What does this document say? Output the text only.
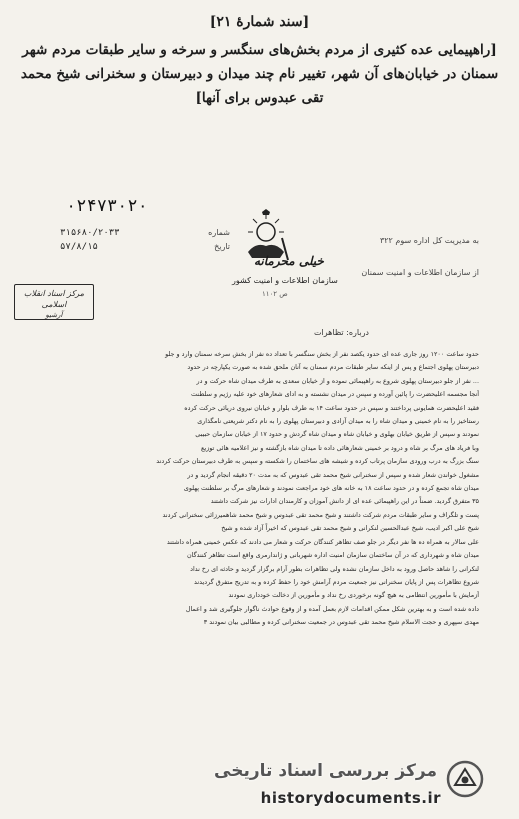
[سند شمارهٔ ۲۱]
[راهپیمایی عده کثیری از مردم بخش‌های سنگسر و سرخه و سایر طبقات مردم شهر
سمنان در خیابان‌های آن شهر، تغییر نام چند میدان و دبیرستان و سخنرانی شیخ محمد
تقی عبدوس برای آنها]
۰۲۴۷۳۰۲۰
شماره
۳۱۵۶۸۰/۲۰۳۳
تاریخ
۵۷/۸/۱۵
خیلی محرمانه
سازمان اطلاعات و امنیت کشور
ص ۱۱۰۲
به مدیریت کل اداره سوم ۳۲۲
از سازمان اطلاعات و امنیت سمنان
مرکز اسناد انقلاب اسلامی
آرشیو
درباره: تظاهرات
حدود ساعت ۱۲۰۰ روز جاری عده ای حدود یکصد نفر از بخش سنگسر با تعداد ده نفر از بخش سرخه سمنان وارد و جلو
دبیرستان پهلوی اجتماع و پس از اینکه سایر طبقات مردم سمنان به آنان ملحق شده به صورت یکپارچه در حدود
... نفر از جلو دبیرستان پهلوی شروع به راهپیمائی نموده و از خیابان سعدی به طرف میدان شاه حرکت و در
آنجا مجسمه اعلیحضرت را پائین آورده و سپس در میدان نشسته و به ادای شعارهای خود علیه رژیم و سلطنت
فقید اعلیحضرت همایونی پرداختند و سپس در حدود ساعت ۱۴ به طرف بلوار و خیابان نیروی دریائی حرکت کرده
رستاخیز را به نام خمینی و میدان شاه را به میدان آزادی و دبیرستان پهلوی را به نام دکتر شریعتی نامگذاری
نمودند و سپس از طریق خیابان بهلوی و خیابان شاه و میدان شاه گردش و حدود ۱۷ از خیابان سازمان حبیبی
وبا فریاد های مرگ بر شاه و درود بر خمینی شعارهائی داده تا میدان شاه بازگشته و نیز اعلامیه هائی توزیع
سنگ بزرگ به درب ورودی سازمان پرتاب کرده و شیشه های ساختمان را شکسته و سپس به طرف دبیرستان حرکت کردند
مشغول خواندن شعار شده و سپس از سخنرانی شیخ محمد تقی عبدوس که به مدت ۲۰ دقیقه انجام گردید و در
میدان شاه تجمع کرده و در حدود ساعت ۱۸ به خانه های خود مراجعت نمودند و شعارهای مرگ بر سلطنت پهلوی
۳۵ متفرق گردید. ضمناً در این راهپیمائی عده ای از دانش آموزان و کارمندان ادارات نیز شرکت داشتند
پست و تلگراف و سایر طبقات مردم شرکت داشتند و شیخ محمد تقی عبدوس و شیخ محمد شاهمیرزائی سخنرانی کردند
شیخ علی اکبر ادیب، شیخ عبدالحسین لنکرانی و شیخ محمد تقی عبدوس که اخیراً آزاد شده و شیخ
علی سالار به همراه ده ها نفر دیگر در جلو صف تظاهر کنندگان حرکت و شعار می دادند که عکس خمینی همراه داشتند
میدان شاه و شهرداری که در آن ساختمان سازمان امنیت اداره شهربانی و ژاندارمری واقع است تظاهر کنندگان
لنکرانی را شاهد حاصل ورود به داخل سازمان نشده ولی تظاهرات بطور آرام برگزار گردید و حادثه ای رخ نداد
شروع تظاهرات پس از پایان سخنرانی نیز جمعیت مردم آرامش خود را حفظ کرده و به تدریج متفرق گردیدند
آزمایش با مأمورین انتظامی به هیچ گونه برخوردی رخ نداد و مأمورین از دخالت خودداری نمودند
داده شده است و به بهترین شکل ممکن اقدامات لازم بعمل آمده و از وقوع حوادث ناگوار جلوگیری شد و اعمال
مهدی سپهری و حجت الاسلام شیخ محمد تقی عبدوس در جمعیت سخنرانی کرده و مطالبی بیان نمودند ۳
مرکز بررسی اسناد تاریخی
historydocuments.ir
